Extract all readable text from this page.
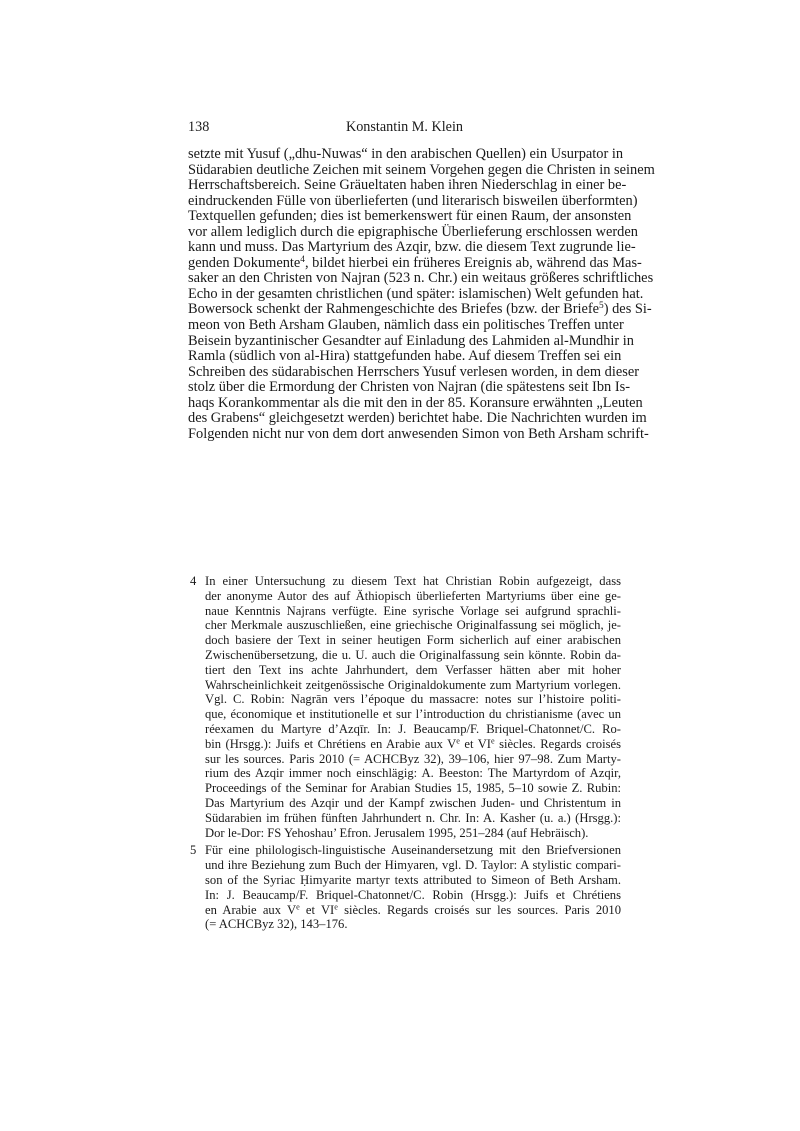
138	Konstantin M. Klein
setzte mit Yusuf („dhu-Nuwas“ in den arabischen Quellen) ein Usurpator in
Südarabien deutliche Zeichen mit seinem Vorgehen gegen die Christen in seinem
Herrschaftsbereich. Seine Gräueltaten haben ihren Niederschlag in einer be-
eindruckenden Fülle von überlieferten (und literarisch bisweilen überformten)
Textquellen gefunden; dies ist bemerkenswert für einen Raum, der ansonsten
vor allem lediglich durch die epigraphische Überlieferung erschlossen werden
kann und muss. Das Martyrium des Azqir, bzw. die diesem Text zugrunde lie-
genden Dokumente$^4$, bildet hierbei ein früheres Ereignis ab, während das Mas-
saker an den Christen von Najran (523 n. Chr.) ein weitaus größeres schriftliches
Echo in der gesamten christlichen (und später: islamischen) Welt gefunden hat.
Bowersock schenkt der Rahmengeschichte des Briefes (bzw. der Briefe$^5$) des Si-
meon von Beth Arsham Glauben, nämlich dass ein politisches Treffen unter
Beisein byzantinischer Gesandter auf Einladung des Lahmiden al-Mundhir in
Ramla (südlich von al-Hira) stattgefunden habe. Auf diesem Treffen sei ein
Schreiben des südarabischen Herrschers Yusuf verlesen worden, in dem dieser
stolz über die Ermordung der Christen von Najran (die spätestens seit Ibn Is-
haqs Korankommentar als die mit den in der 85. Koransure erwähnten „Leuten
des Grabens“ gleichgesetzt werden) berichtet habe. Die Nachrichten wurden im
Folgenden nicht nur von dem dort anwesenden Simon von Beth Arsham schrift-
4 In einer Untersuchung zu diesem Text hat Christian Robin aufgezeigt, dass
der anonyme Autor des auf Äthiopisch überlieferten Martyriums über eine ge-
naue Kenntnis Najrans verfügte. Eine syrische Vorlage sei aufgrund sprachli-
cher Merkmale auszuschließen, eine griechische Originalfassung sei möglich, je-
doch basiere der Text in seiner heutigen Form sicherlich auf einer arabischen
Zwischenübersetzung, die u. U. auch die Originalfassung sein könnte. Robin da-
tiert den Text ins achte Jahrhundert, dem Verfasser hätten aber mit hoher
Wahrscheinlichkeit zeitgenössische Originaldokumente zum Martyrium vorlegen.
Vgl. C. Robin: Nagrān vers l’époque du massacre: notes sur l’histoire politi-
que, économique et institutionelle et sur l’introduction du christianisme (avec un
réexamen du Martyre d’Azqīr. In: J. Beaucamp/F. Briquel-Chatonnet/C. Ro-
bin (Hrsgg.): Juifs et Chrétiens en Arabie aux Ve et VIe siècles. Regards croisés
sur les sources. Paris 2010 (= ACHCByz 32), 39–106, hier 97–98. Zum Marty-
rium des Azqir immer noch einschlägig: A. Beeston: The Martyrdom of Azqir,
Proceedings of the Seminar for Arabian Studies 15, 1985, 5–10 sowie Z. Rubin:
Das Martyrium des Azqir und der Kampf zwischen Juden- und Christentum in
Südarabien im frühen fünften Jahrhundert n. Chr. In: A. Kasher (u. a.) (Hrsgg.):
Dor le-Dor: FS Yehoshau’ Efron. Jerusalem 1995, 251–284 (auf Hebräisch).
5 Für eine philologisch-linguistische Auseinandersetzung mit den Briefversionen
und ihre Beziehung zum Buch der Himyaren, vgl. D. Taylor: A stylistic compari-
son of the Syriac Ḥimyarite martyr texts attributed to Simeon of Beth Arsham.
In: J. Beaucamp/F. Briquel-Chatonnet/C. Robin (Hrsgg.): Juifs et Chrétiens
en Arabie aux Ve et VIe siècles. Regards croisés sur les sources. Paris 2010
(= ACHCByz 32), 143–176.
